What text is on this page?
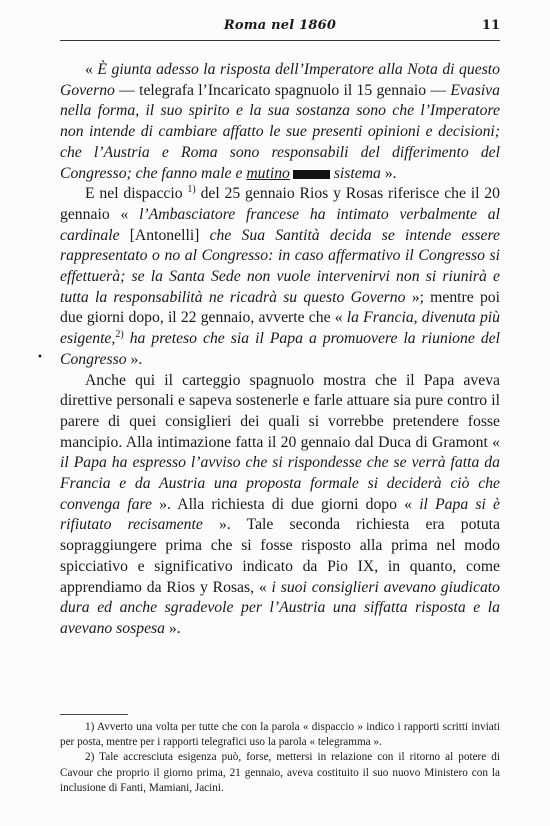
Roma nel 1860	11
•

« È giunta adesso la risposta dell’Imperatore alla Nota di questo Governo — telegrafa l’Incaricato spagnuolo il 15 gennaio — Evasiva nella forma, il suo spirito e la sua sostanza sono che l’Imperatore non intende di cambiare affatto le sue presenti opinioni e decisioni; che l’Austria e Roma sono responsabili del differimento del Congresso; che fanno male e mutino	sistema ».

E nel dispaccio $^{1)}$ del 25 gennaio Rios y Rosas riferisce che il 20 gennaio « l’Ambasciatore francese ha intimato verbalmente al cardinale [Antonelli] che Sua Santità decida se intende essere rappresentato o no al Congresso: in caso affermativo il Congresso si effettuerà; se la Santa Sede non vuole intervenirvi non si riunirà e tutta la responsabilità ne ricadrà su questo Governo »; mentre poi due giorni dopo, il 22 gennaio, avverte che « la Francia, divenuta più esigente,$^{2)}$ ha preteso che sia il Papa a promuovere la riunione del Congresso ».

Anche qui il carteggio spagnuolo mostra che il Papa aveva direttive personali e sapeva sostenerle e farle attuare sia pure contro il parere di quei consiglieri dei quali si vorrebbe pretendere fosse mancipio. Alla intimazione fatta il 20 gennaio dal Duca di Gramont « il Papa ha espresso l’avviso che si rispondesse che se verrà fatta da Francia e da Austria una proposta formale si deciderà ciò che convenga fare ». Alla richiesta di due giorni dopo « il Papa si è rifiutato recisamente ». Tale seconda richiesta era potuta sopraggiungere prima che si fosse risposto alla prima nel modo spicciativo e significativo indicato da Pio IX, in quanto, come apprendiamo da Rios y Rosas, « i suoi consiglieri avevano giudicato dura ed anche sgradevole per l’Austria una siffatta risposta e la avevano sospesa ».

1) Avverto una volta per tutte che con la parola « dispaccio » indico i rapporti scritti inviati per posta, mentre per i rapporti telegrafici uso la parola « telegramma ».

2) Tale accresciuta esigenza può, forse, mettersi in relazione con il ritorno al potere di Cavour che proprio il giorno prima, 21 gennaio, aveva costituito il suo nuovo Ministero con la inclusione di Fanti, Mamiani, Jacini.
